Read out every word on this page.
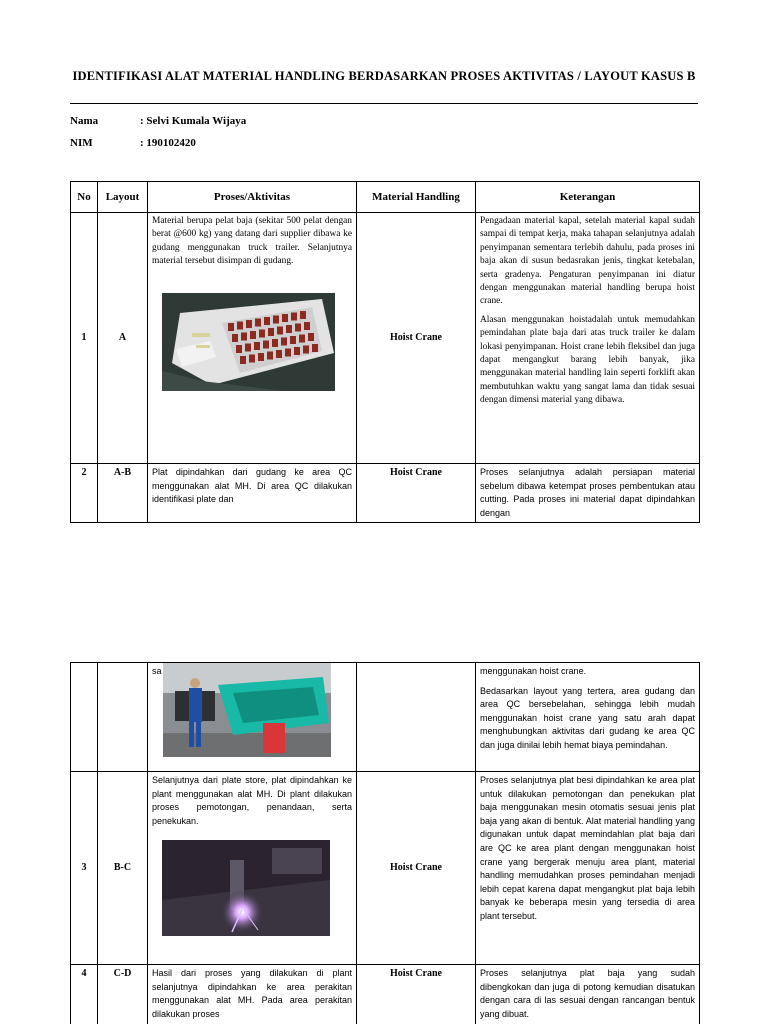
IDENTIFIKASI ALAT MATERIAL HANDLING BERDASARKAN PROSES AKTIVITAS / LAYOUT KASUS B
Nama	: Selvi Kumala Wijaya
NIM	: 190102420
No	Layout	Proses/Aktivitas	Material Handling	Keterangan
1	A	Material berupa pelat baja (sekitar 500 pelat dengan berat @600 kg) yang datang dari supplier dibawa ke gudang menggunakan truck trailer. Selanjutnya material tersebut disimpan di gudang.	Hoist Crane	Pengadaan material kapal, setelah material kapal sudah sampai di tempat kerja, maka tahapan selanjutnya adalah penyimpanan sementara terlebih dahulu, pada proses ini baja akan di susun bedasrakan jenis, tingkat ketebalan, serta gradenya. Pengaturan penyimpanan ini diatur dengan menggunakan material handling berupa hoist crane.

Alasan menggunakan hoistadalah untuk memudahkan pemindahan plate baja dari atas truck trailer ke dalam lokasi penyimpanan. Hoist crane lebih fleksibel dan juga dapat mengangkut barang lebih banyak, jika menggunakan material handling lain seperti forklift akan membutuhkan waktu yang sangat lama dan tidak sesuai dengan dimensi material yang dibawa.

2	A-B	Plat dipindahkan dari gudang ke area QC menggunakan alat MH. Di area QC dilakukan identifikasi plate dan	Hoist Crane	Proses selanjutnya adalah persiapan material sebelum dibawa ketempat proses pembentukan atau cutting. Pada proses ini material dapat dipindahkan dengan
		sa		menggunakan hoist crane.

Bedasarkan layout yang tertera, area gudang dan area QC bersebelahan, sehingga lebih mudah menggunakan hoist crane yang satu arah dapat menghubungkan aktivitas dari gudang ke area QC dan juga dinilai lebih hemat biaya pemindahan.

3	B-C	Selanjutnya dari plate store, plat dipindahkan ke plant menggunakan alat MH. Di plant dilakukan proses pemotongan, penandaan, serta penekukan.	Hoist Crane	Proses selanjutnya plat besi dipindahkan ke area plat untuk dilakukan pemotongan dan penekukan plat baja menggunakan mesin otomatis sesuai jenis plat baja yang akan di bentuk. Alat material handling yang digunakan untuk dapat memindahlan plat baja dari are QC ke area plant dengan menggunakan hoist crane yang bergerak menuju area plant, material handling memudahkan proses pemindahan menjadi lebih cepat karena dapat mengangkut plat baja lebih banyak ke beberapa mesin yang tersedia di area plant tersebut.
4	C-D	Hasil dari proses yang dilakukan di plant selanjutnya dipindahkan ke area perakitan menggunakan alat MH. Pada area perakitan dilakukan proses	Hoist Crane	Proses selanjutnya plat baja yang sudah dibengkokan dan juga di potong kemudian disatukan dengan cara di las sesuai dengan rancangan bentuk yang dibuat.
